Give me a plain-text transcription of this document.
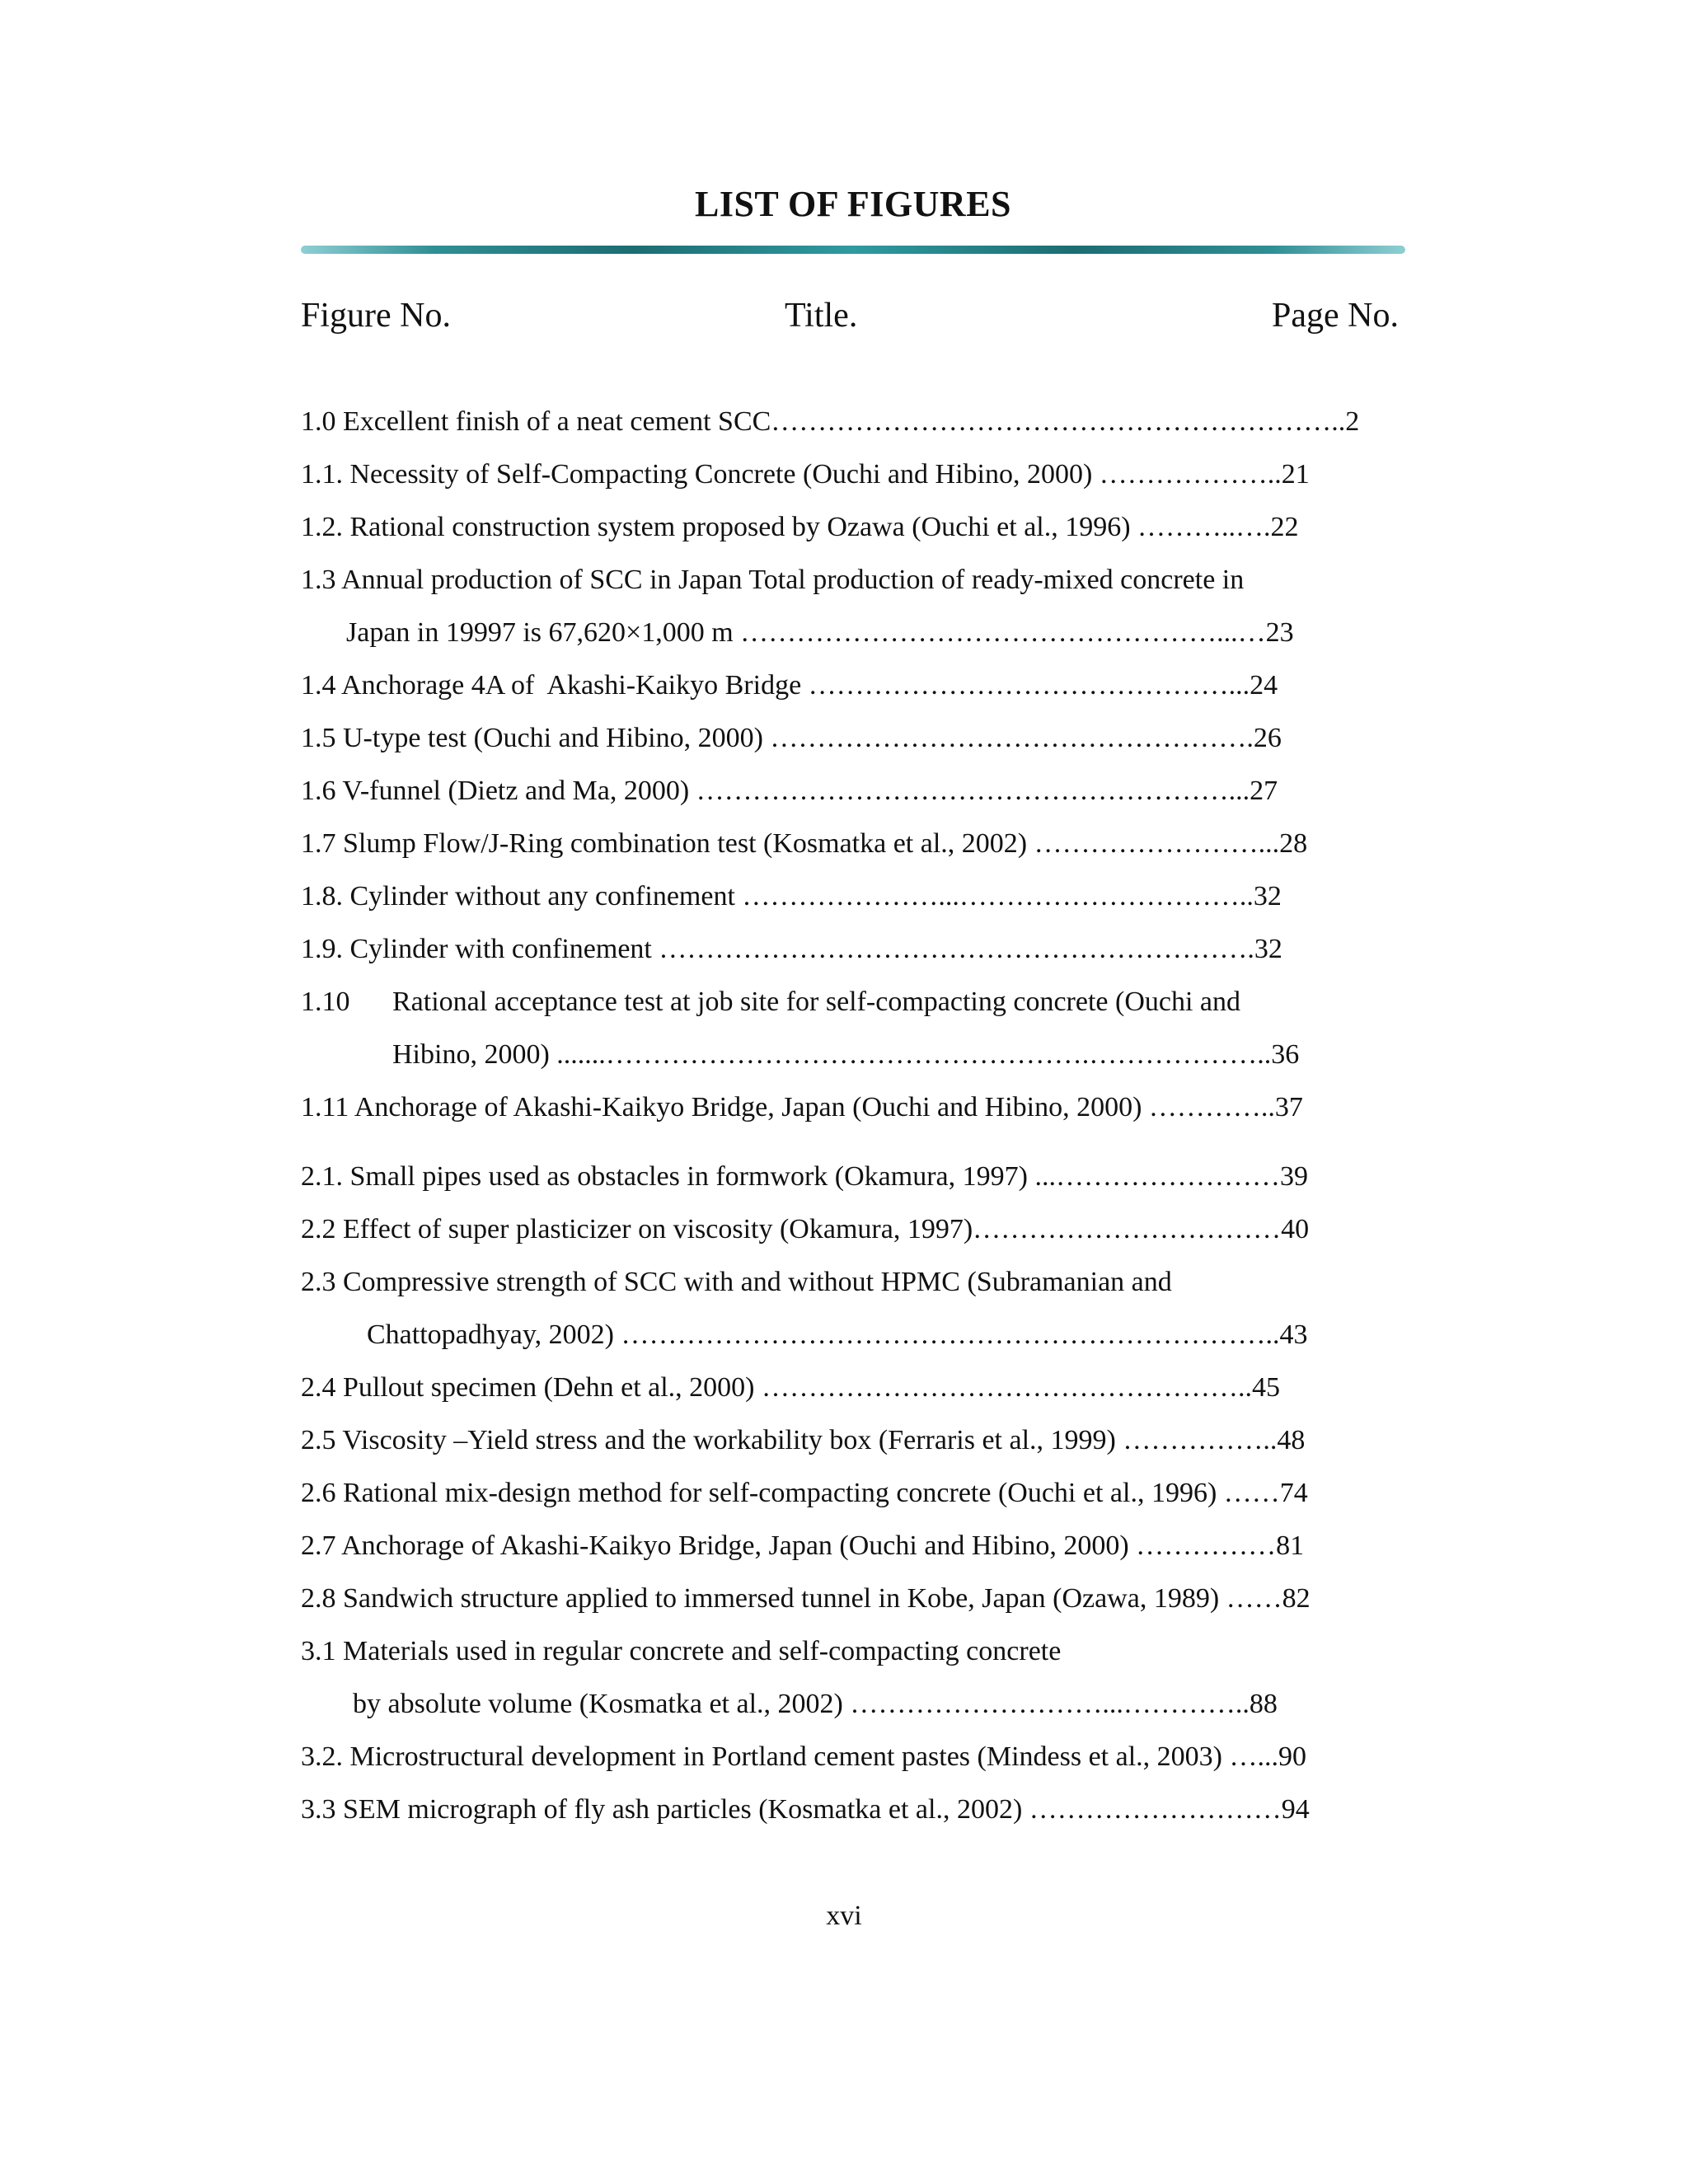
LIST OF FIGURES
Figure No.	Title.	Page No.
1.0 Excellent finish of a neat cement SCC……………………………………………………..2
1.1. Necessity of Self-Compacting Concrete (Ouchi and Hibino, 2000) ………………..21
1.2. Rational construction system proposed by Ozawa (Ouchi et al., 1996) ………..….22
1.3 Annual production of SCC in Japan Total production of ready-mixed concrete in
Japan in 19997 is 67,620×1,000 m ……………………………………………...…23
1.4 Anchorage 4A of  Akashi-Kaikyo Bridge ………………………………………...24
1.5 U-type test (Ouchi and Hibino, 2000) …………………………………………….26
1.6 V-funnel (Dietz and Ma, 2000) …………………………………………………...27
1.7 Slump Flow/J-Ring combination test (Kosmatka et al., 2002) ……………………...28
1.8. Cylinder without any confinement …………………...…………………………..32
1.9. Cylinder with confinement ……………………………………………………….32
1.10 Rational acceptance test at job site for self-compacting concrete (Ouchi and
Hibino, 2000) .......…………………………………………….………………..36
1.11 Anchorage of Akashi-Kaikyo Bridge, Japan (Ouchi and Hibino, 2000) …………..37
2.1. Small pipes used as obstacles in formwork (Okamura, 1997) ...……………………39
2.2 Effect of super plasticizer on viscosity (Okamura, 1997)……………………………40
2.3 Compressive strength of SCC with and without HPMC (Subramanian and
Chattopadhyay, 2002) ……………………………………………………………..43
2.4 Pullout specimen (Dehn et al., 2000) ……………………………………………..45
2.5 Viscosity –Yield stress and the workability box (Ferraris et al., 1999) ……………..48
2.6 Rational mix-design method for self-compacting concrete (Ouchi et al., 1996) ……74
2.7 Anchorage of Akashi-Kaikyo Bridge, Japan (Ouchi and Hibino, 2000) ……………81
2.8 Sandwich structure applied to immersed tunnel in Kobe, Japan (Ozawa, 1989) ……82
3.1 Materials used in regular concrete and self-compacting concrete
by absolute volume (Kosmatka et al., 2002) ………………………...…………..88
3.2. Microstructural development in Portland cement pastes (Mindess et al., 2003) …...90
3.3 SEM micrograph of fly ash particles (Kosmatka et al., 2002) ………………………94
xvi
